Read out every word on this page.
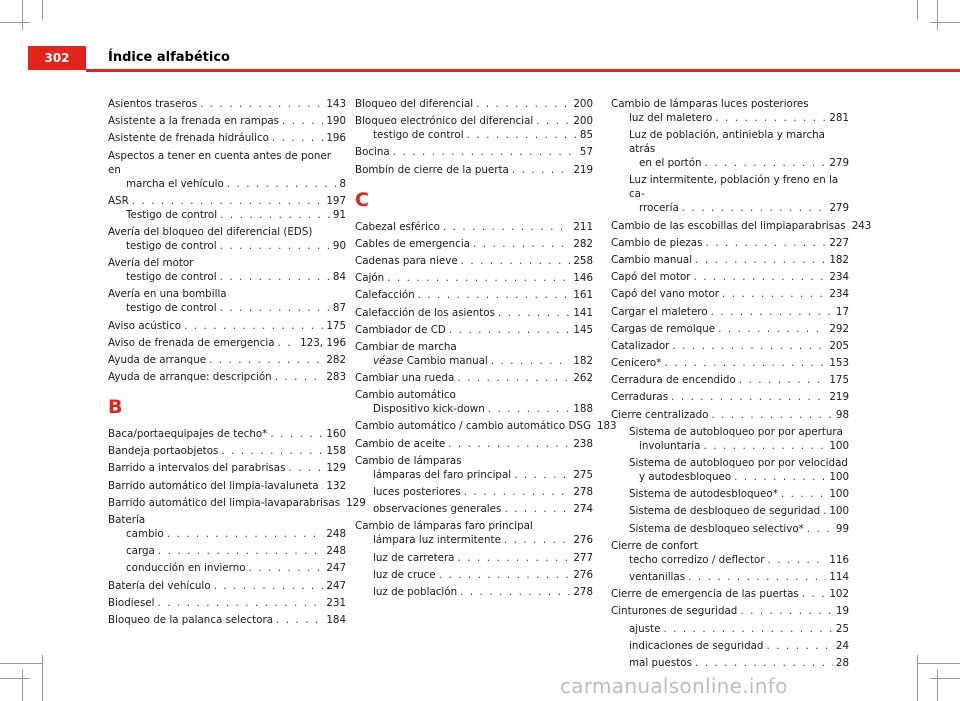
302	Índice alfabético
Asientos traseros . . .	143
Asistente a la frenada en rampas . . .	190
Asistente de frenada hidráulico . . .	196
Aspectos a tener en cuenta antes de poner en
marcha el vehículo . . .	8
ASR . . .	197
Testigo de control . . .	91
Avería del bloqueo del diferencial (EDS)
testigo de control . . .	90
Avería del motor
testigo de control . . .	84
Avería en una bombilla
testigo de control . . .	87
Aviso acústico . . .	175
Aviso de frenada de emergencia . . . 123, 196
Ayuda de arranque . . .	282
Ayuda de arranque: descripción . . .	283
B
Baca/portaequipajes de techo* . . .	160
Bandeja portaobjetos . . .	158
Barrido a intervalos del parabrisas . . .	129
Barrido automático del limpia-lavaluneta . . . 132
Barrido automático del limpia-lavaparabrisas 129
Batería
cambio . . .	248
carga . . .	248
conducción en invierno . . .	247
Batería del vehículo . . .	247
Biodiesel . . .	231
Bloqueo de la palanca selectora . . .	184
Bloqueo del diferencial . . .	200
Bloqueo electrónico del diferencial . . .	200
testigo de control . . .	85
Bocina . . .	57
Bombín de cierre de la puerta . . .	219
C
Cabezal esférico . . .	211
Cables de emergencia . . .	282
Cadenas para nieve . . .	258
Cajón . . .	146
Calefacción . . .	161
Calefacción de los asientos . . .	141
Cambiador de CD . . .	145
Cambiar de marcha
véase Cambio manual . . .	182
Cambiar una rueda . . .	262
Cambio automático
Dispositivo kick-down . . .	188
Cambio automático / cambio automático DSG 183
Cambio de aceite . . .	238
Cambio de lámparas
lámparas del faro principal . . .	275
luces posteriores . . .	278
observaciones generales . . .	274
Cambio de lámparas faro principal
lámpara luz intermitente . . .	276
luz de carretera . . .	277
luz de cruce . . .	276
luz de población . . .	278
Cambio de lámparas luces posteriores
luz del maletero . . .	281
Luz de población, antiniebla y marcha atrás
en el portón . . .	279
Luz intermitente, población y freno en la ca-
rrocería . . .	279
Cambio de las escobillas del limpiaparabrisas 243
Cambio de piezas . . .	227
Cambio manual . . .	182
Capó del motor . . .	234
Capó del vano motor . . .	234
Cargar el maletero . . .	17
Cargas de remolque . . .	292
Catalizador . . .	205
Cenicero* . . .	153
Cerradura de encendido . . .	175
Cerraduras . . .	219
Cierre centralizado . . .	98
Sistema de autobloqueo por por apertura
involuntaria . . .	100
Sistema de autobloqueo por por velocidad
y autodesbloqueo . . .	100
Sistema de autodesbloqueo* . . .	100
Sistema de desbloqueo de seguridad . . . 100
Sistema de desbloqueo selectivo* . . .	99
Cierre de confort
techo corredizo / deflector . . .	116
ventanillas . . .	114
Cierre de emergencia de las puertas . . .	102
Cinturones de seguridad . . .	19
ajuste . . .	25
indicaciones de seguridad . . .	24
mal puestos . . .	28
carmanualsonline.info
